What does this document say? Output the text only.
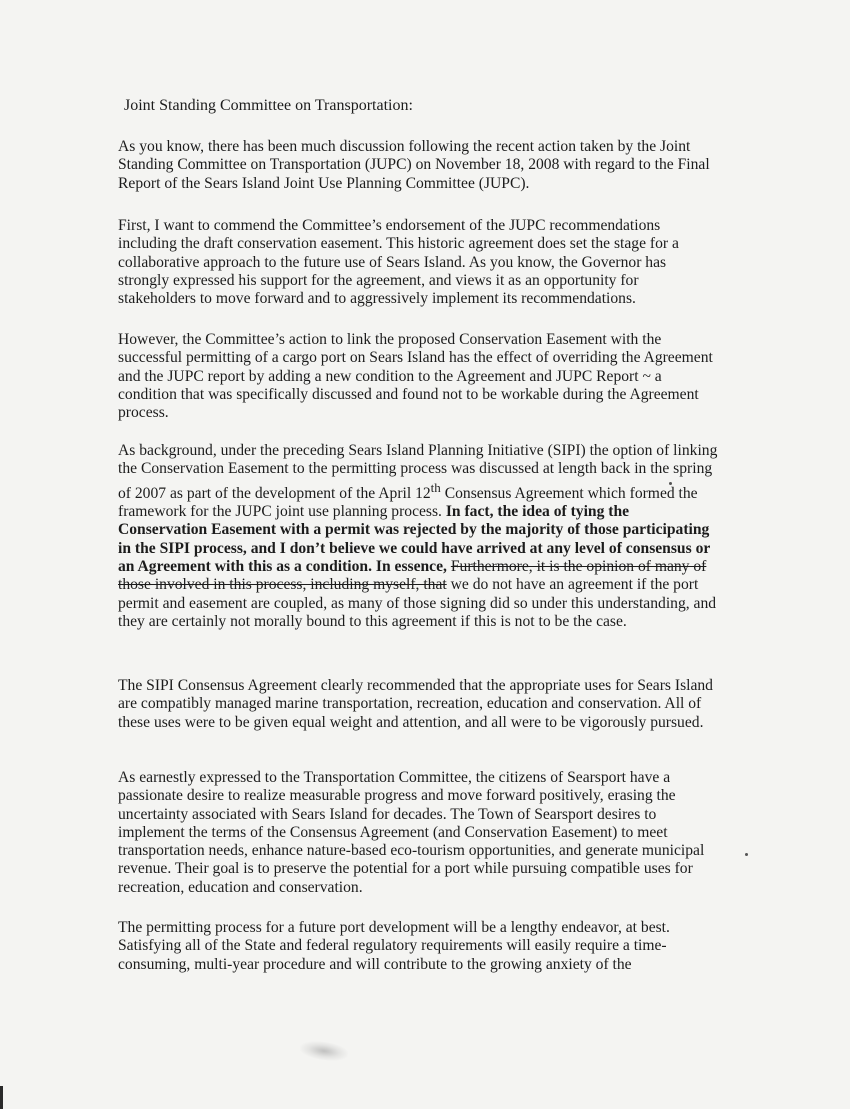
Joint Standing Committee on Transportation:

As you know, there has been much discussion following the recent action taken by the Joint Standing Committee on Transportation (JUPC) on November 18, 2008 with regard to the Final Report of the Sears Island Joint Use Planning Committee (JUPC).

First, I want to commend the Committee’s endorsement of the JUPC recommendations including the draft conservation easement. This historic agreement does set the stage for a collaborative approach to the future use of Sears Island. As you know, the Governor has strongly expressed his support for the agreement, and views it as an opportunity for stakeholders to move forward and to aggressively implement its recommendations.

However, the Committee’s action to link the proposed Conservation Easement with the successful permitting of a cargo port on Sears Island has the effect of overriding the Agreement and the JUPC report by adding a new condition to the Agreement and JUPC Report ~ a condition that was specifically discussed and found not to be workable during the Agreement process.

As background, under the preceding Sears Island Planning Initiative (SIPI) the option of linking the Conservation Easement to the permitting process was discussed at length back in the spring of 2007 as part of the development of the April 12th Consensus Agreement which formed the framework for the JUPC joint use planning process. In fact, the idea of tying the Conservation Easement with a permit was rejected by the majority of those participating in the SIPI process, and I don’t believe we could have arrived at any level of consensus or an Agreement with this as a condition. In essence, Furthermore, it is the opinion of many of those involved in this process, including myself, that we do not have an agreement if the port permit and easement are coupled, as many of those signing did so under this understanding, and they are certainly not morally bound to this agreement if this is not to be the case.

The SIPI Consensus Agreement clearly recommended that the appropriate uses for Sears Island are compatibly managed marine transportation, recreation, education and conservation. All of these uses were to be given equal weight and attention, and all were to be vigorously pursued.

As earnestly expressed to the Transportation Committee, the citizens of Searsport have a passionate desire to realize measurable progress and move forward positively, erasing the uncertainty associated with Sears Island for decades. The Town of Searsport desires to implement the terms of the Consensus Agreement (and Conservation Easement) to meet transportation needs, enhance nature-based eco-tourism opportunities, and generate municipal revenue. Their goal is to preserve the potential for a port while pursuing compatible uses for recreation, education and conservation.

The permitting process for a future port development will be a lengthy endeavor, at best. Satisfying all of the State and federal regulatory requirements will easily require a time-consuming, multi-year procedure and will contribute to the growing anxiety of the
